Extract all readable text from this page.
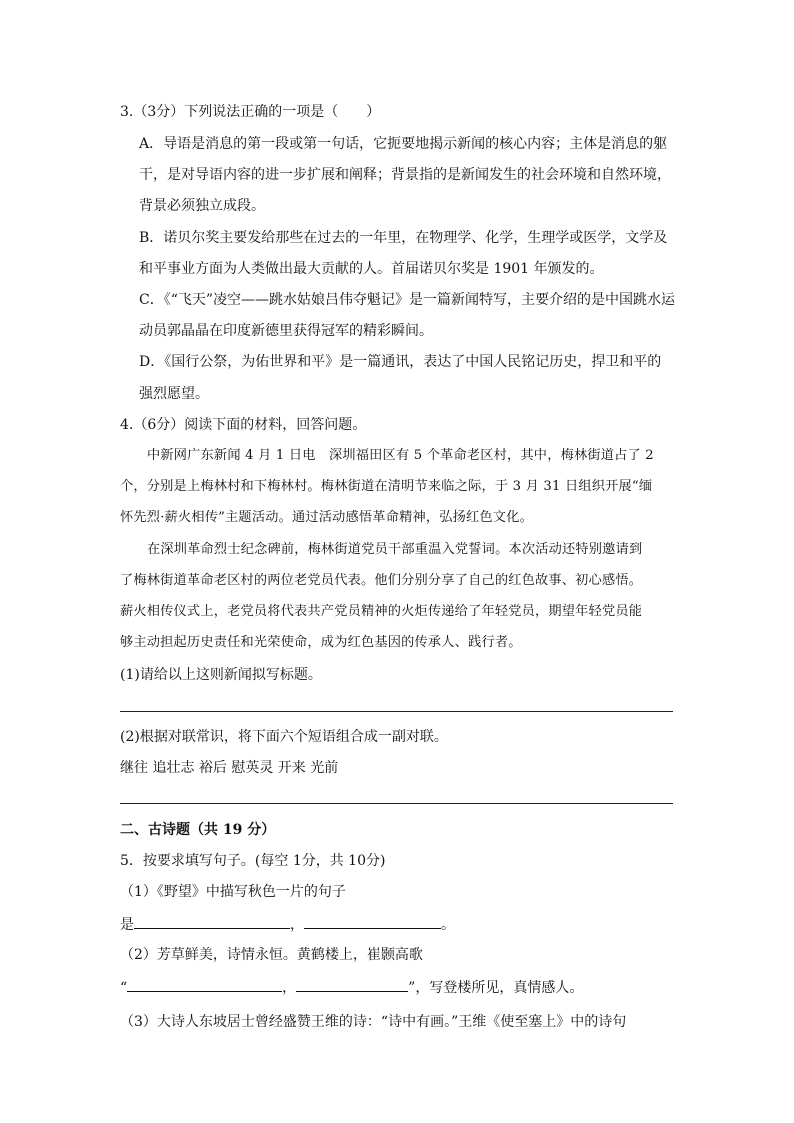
3.（3分）下列说法正确的一项是（　　）
A．导语是消息的第一段或第一句话，它扼要地揭示新闻的核心内容；主体是消息的躯
干，是对导语内容的进一步扩展和阐释；背景指的是新闻发生的社会环境和自然环境，
背景必须独立成段。
B．诺贝尔奖主要发给那些在过去的一年里，在物理学、化学，生理学或医学，文学及
和平事业方面为人类做出最大贡献的人。首届诺贝尔奖是 1901 年颁发的。
C．《“飞天”凌空——跳水姑娘吕伟夺魁记》是一篇新闻特写，主要介绍的是中国跳水运
动员郭晶晶在印度新德里获得冠军的精彩瞬间。
D．《国行公祭，为佑世界和平》是一篇通讯，表达了中国人民铭记历史，捍卫和平的
强烈愿望。
4.（6分）阅读下面的材料，回答问题。
中新网广东新闻 4 月 1 日电　深圳福田区有 5 个革命老区村，其中，梅林街道占了 2
个，分别是上梅林村和下梅林村。梅林街道在清明节来临之际，于 3 月 31 日组织开展“缅
怀先烈·薪火相传”主题活动。通过活动感悟革命精神，弘扬红色文化。
在深圳革命烈士纪念碑前，梅林街道党员干部重温入党誓词。本次活动还特别邀请到
了梅林街道革命老区村的两位老党员代表。他们分别分享了自己的红色故事、初心感悟。
薪火相传仪式上，老党员将代表共产党员精神的火炬传递给了年轻党员，期望年轻党员能
够主动担起历史责任和光荣使命，成为红色基因的传承人、践行者。
(1)请给以上这则新闻拟写标题。
(2)根据对联常识，将下面六个短语组合成一副对联。
继往 追壮志 裕后 慰英灵 开来 光前
二、古诗题（共 19 分）
5．按要求填写句子。(每空 1分，共 10分)
（1）《野望》中描写秋色一片的句子
是	，	。
（2）芳草鲜美，诗情永恒。黄鹤楼上，崔颢高歌
“	，	”，写登楼所见，真情感人。
（3）大诗人东坡居士曾经盛赞王维的诗：“诗中有画。”王维《使至塞上》中的诗句
